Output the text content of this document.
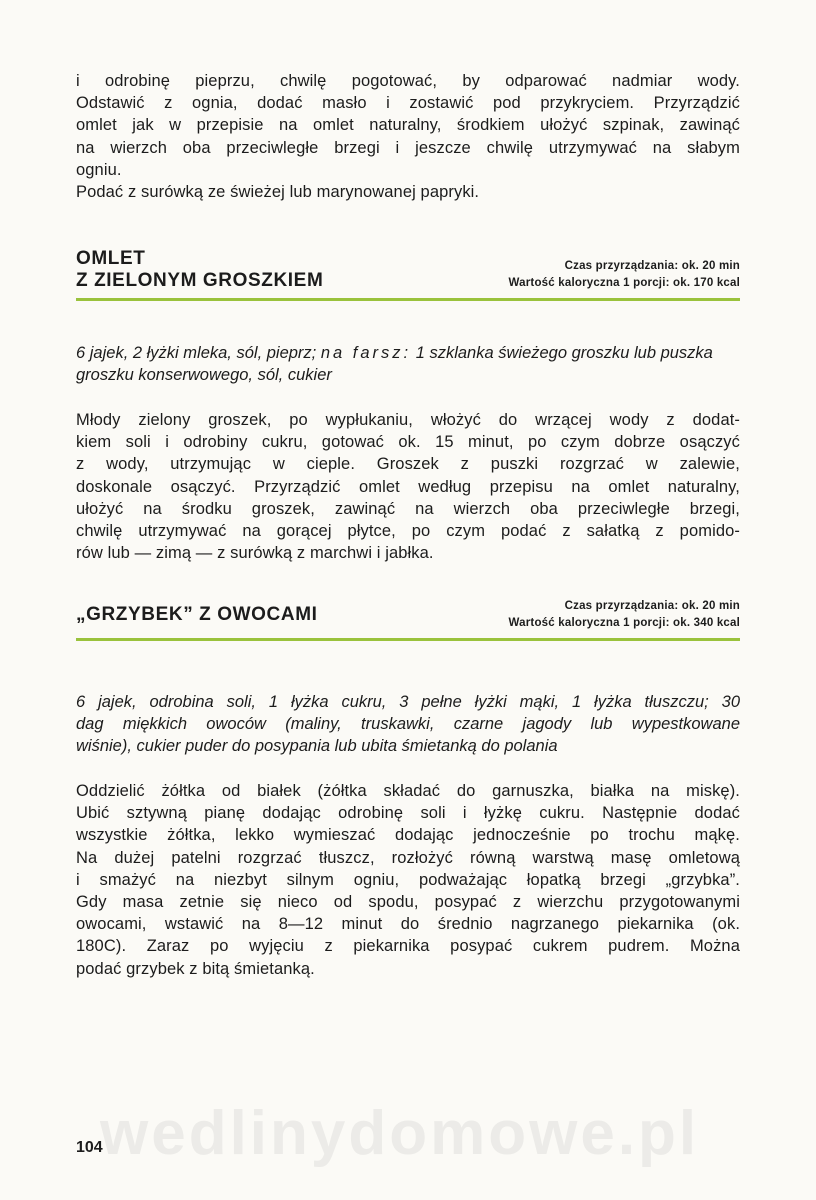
wedlinydomowe.pl

i odrobinę pieprzu, chwilę pogotować, by odparować nadmiar wody.

Odstawić z ognia, dodać masło i zostawić pod przykryciem. Przyrządzić

omlet jak w przepisie na omlet naturalny, środkiem ułożyć szpinak, zawinąć

na wierzch oba przeciwległe brzegi i jeszcze chwilę utrzymywać na słabym

ogniu.

Podać z surówką ze świeżej lub marynowanej papryki.

OMLET
Z ZIELONYM GROSZKIEM
Czas przyrządzania: ok. 20 min
Wartość kaloryczna 1 porcji: ok. 170 kcal
6 jajek, 2 łyżki mleka, sól, pieprz; na farsz: 1 szklanka świeżego groszku lub puszka groszku konserwowego, sól, cukier

Młody zielony groszek, po wypłukaniu, włożyć do wrzącej wody z dodat-

kiem soli i odrobiny cukru, gotować ok. 15 minut, po czym dobrze osączyć

z wody, utrzymując w cieple. Groszek z puszki rozgrzać w zalewie,

doskonale osączyć. Przyrządzić omlet według przepisu na omlet naturalny,

ułożyć na środku groszek, zawinąć na wierzch oba przeciwległe brzegi,

chwilę utrzymywać na gorącej płytce, po czym podać z sałatką z pomido-

rów lub — zimą — z surówką z marchwi i jabłka.

„GRZYBEK” Z OWOCAMI	Czas przyrządzania: ok. 20 min
Wartość kaloryczna 1 porcji: ok. 340 kcal

6 jajek, odrobina soli, 1 łyżka cukru, 3 pełne łyżki mąki, 1 łyżka tłuszczu; 30

dag miękkich owoców (maliny, truskawki, czarne jagody lub wypestkowane

wiśnie), cukier puder do posypania lub ubita śmietanką do polania

Oddzielić żółtka od białek (żółtka składać do garnuszka, białka na miskę).

Ubić sztywną pianę dodając odrobinę soli i łyżkę cukru. Następnie dodać

wszystkie żółtka, lekko wymieszać dodając jednocześnie po trochu mąkę.

Na dużej patelni rozgrzać tłuszcz, rozłożyć równą warstwą masę omletową

i smażyć na niezbyt silnym ogniu, podważając łopatką brzegi „grzybka”.

Gdy masa zetnie się nieco od spodu, posypać z wierzchu przygotowanymi

owocami, wstawić na 8—12 minut do średnio nagrzanego piekarnika (ok.

180C). Zaraz po wyjęciu z piekarnika posypać cukrem pudrem. Można

podać grzybek z bitą śmietanką.

104
